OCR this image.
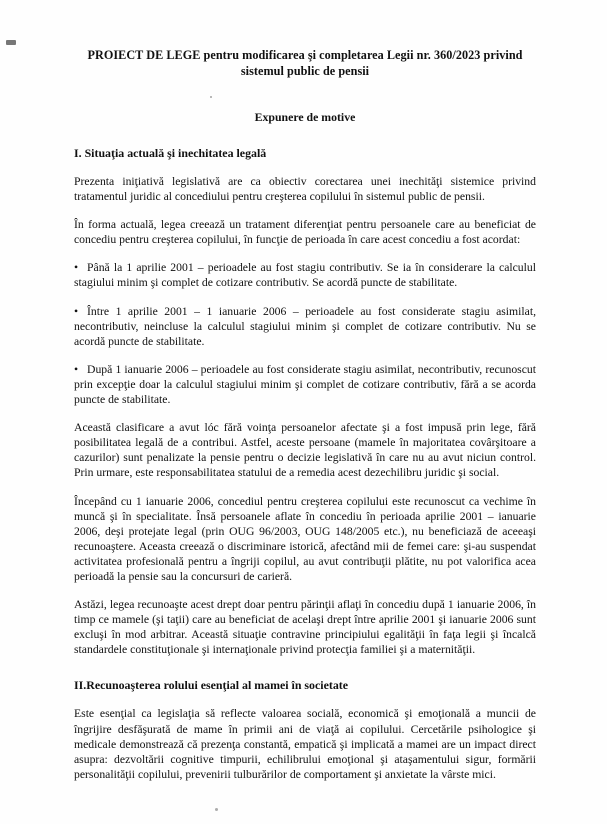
PROIECT DE LEGE pentru modificarea şi completarea Legii nr. 360/2023 privind sistemul public de pensii
Expunere de motive
I. Situaţia actuală şi inechitatea legală

Prezenta iniţiativă legislativă are ca obiectiv corectarea unei inechităţi sistemice privind tratamentul juridic al concediului pentru creşterea copilului în sistemul public de pensii.

În forma actuală, legea creează un tratament diferenţiat pentru persoanele care au beneficiat de concediu pentru creşterea copilului, în funcţie de perioada în care acest concediu a fost acordat:

• Până la 1 aprilie 2001 – perioadele au fost stagiu contributiv. Se ia în considerare la calculul stagiului minim şi complet de cotizare contributiv. Se acordă puncte de stabilitate.
• Între 1 aprilie 2001 – 1 ianuarie 2006 – perioadele au fost considerate stagiu asimilat, necontributiv, neincluse la calculul stagiului minim şi complet de cotizare contributiv. Nu se acordă puncte de stabilitate.
• După 1 ianuarie 2006 – perioadele au fost considerate stagiu asimilat, necontributiv, recunoscut prin excepţie doar la calculul stagiului minim şi complet de cotizare contributiv, fără a se acorda puncte de stabilitate.

Această clasificare a avut lóc fără voinţa persoanelor afectate şi a fost impusă prin lege, fără posibilitatea legală de a contribui. Astfel, aceste persoane (mamele în majoritatea covârşitoare a cazurilor) sunt penalizate la pensie pentru o decizie legislativă în care nu au avut niciun control. Prin urmare, este responsabilitatea statului de a remedia acest dezechilibru juridic şi social.

Începând cu 1 ianuarie 2006, concediul pentru creşterea copilului este recunoscut ca vechime în muncă şi în specialitate. Însă persoanele aflate în concediu în perioada aprilie 2001 – ianuarie 2006, deşi protejate legal (prin OUG 96/2003, OUG 148/2005 etc.), nu beneficiază de aceeaşi recunoaştere. Aceasta creează o discriminare istorică, afectând mii de femei care: şi-au suspendat activitatea profesională pentru a îngriji copilul, au avut contribuţii plătite, nu pot valorifica acea perioadă la pensie sau la concursuri de carieră.

Astăzi, legea recunoaşte acest drept doar pentru părinţii aflaţi în concediu după 1 ianuarie 2006, în timp ce mamele (şi taţii) care au beneficiat de acelaşi drept între aprilie 2001 şi ianuarie 2006 sunt excluşi în mod arbitrar. Această situaţie contravine principiului egalităţii în faţa legii şi încalcă standardele constituţionale şi internaţionale privind protecţia familiei şi a maternităţii.

II.Recunoaşterea rolului esenţial al mamei în societate

Este esenţial ca legislaţia să reflecte valoarea socială, economică şi emoţională a muncii de îngrijire desfăşurată de mame în primii ani de viaţă ai copilului. Cercetările psihologice şi medicale demonstrează că prezenţa constantă, empatică şi implicată a mamei are un impact direct asupra: dezvoltării cognitive timpurii, echilibrului emoţional şi ataşamentului sigur, formării personalităţii copilului, prevenirii tulburărilor de comportament şi anxietate la vârste mici.
